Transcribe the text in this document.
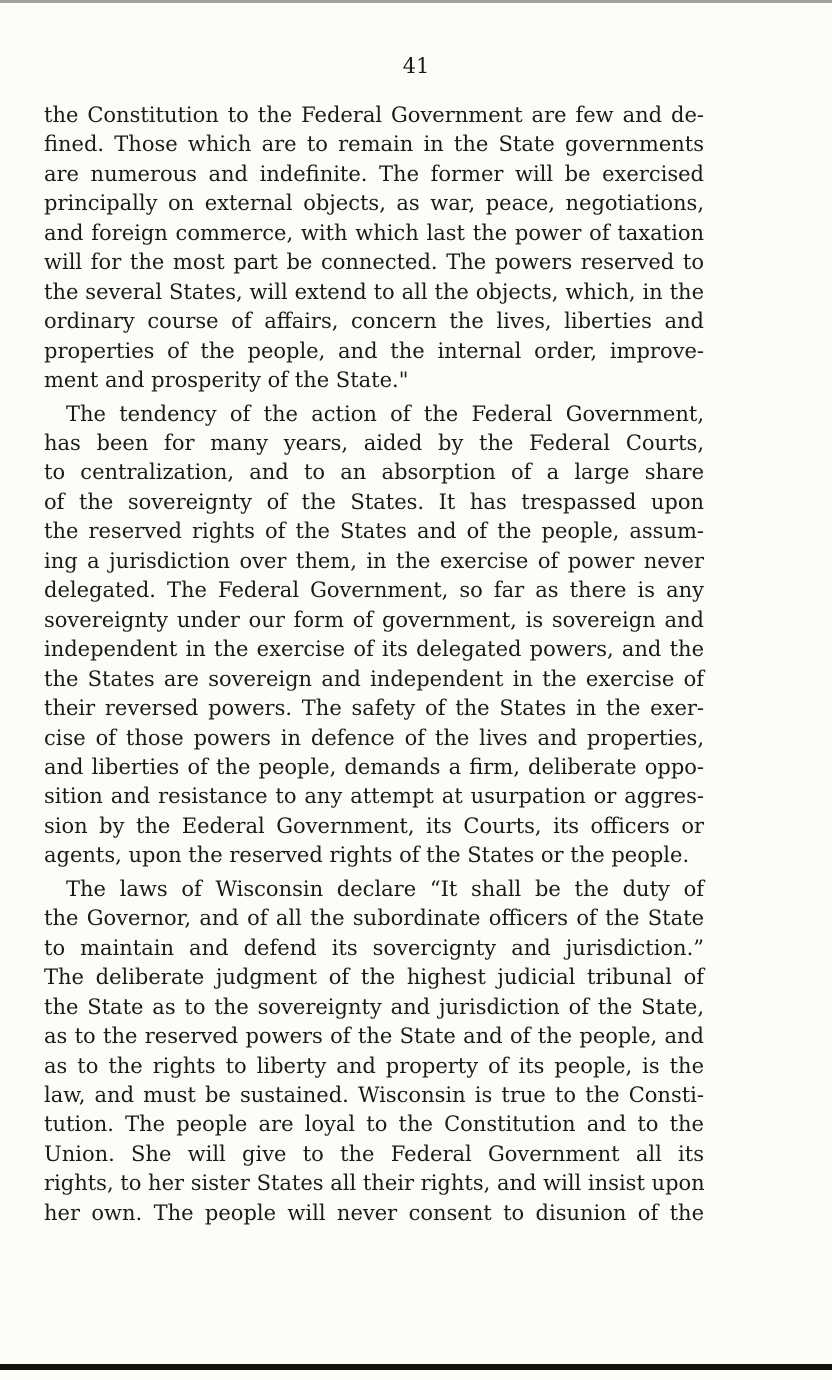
41
the Constitution to the Federal Government are few and de-
fined. Those which are to remain in the State governments
are numerous and indefinite. The former will be exercised
principally on external objects, as war, peace, negotiations,
and foreign commerce, with which last the power of taxation
will for the most part be connected. The powers reserved to
the several States, will extend to all the objects, which, in the
ordinary course of affairs, concern the lives, liberties and
properties of the people, and the internal order, improve-
ment and prosperity of the State."
The tendency of the action of the Federal Government,
has been for many years, aided by the Federal Courts,
to centralization, and to an absorption of a large share
of the sovereignty of the States. It has trespassed upon
the reserved rights of the States and of the people, assum-
ing a jurisdiction over them, in the exercise of power never
delegated. The Federal Government, so far as there is any
sovereignty under our form of government, is sovereign and
independent in the exercise of its delegated powers, and the
the States are sovereign and independent in the exercise of
their reversed powers. The safety of the States in the exer-
cise of those powers in defence of the lives and properties,
and liberties of the people, demands a firm, deliberate oppo-
sition and resistance to any attempt at usurpation or aggres-
sion by the Eederal Government, its Courts, its officers or
agents, upon the reserved rights of the States or the people.
The laws of Wisconsin declare “It shall be the duty of
the Governor, and of all the subordinate officers of the State
to maintain and defend its sovercignty and jurisdiction.”
The deliberate judgment of the highest judicial tribunal of
the State as to the sovereignty and jurisdiction of the State,
as to the reserved powers of the State and of the people, and
as to the rights to liberty and property of its people, is the
law, and must be sustained. Wisconsin is true to the Consti-
tution. The people are loyal to the Constitution and to the
Union. She will give to the Federal Government all its
rights, to her sister States all their rights, and will insist upon
her own. The people will never consent to disunion of the
